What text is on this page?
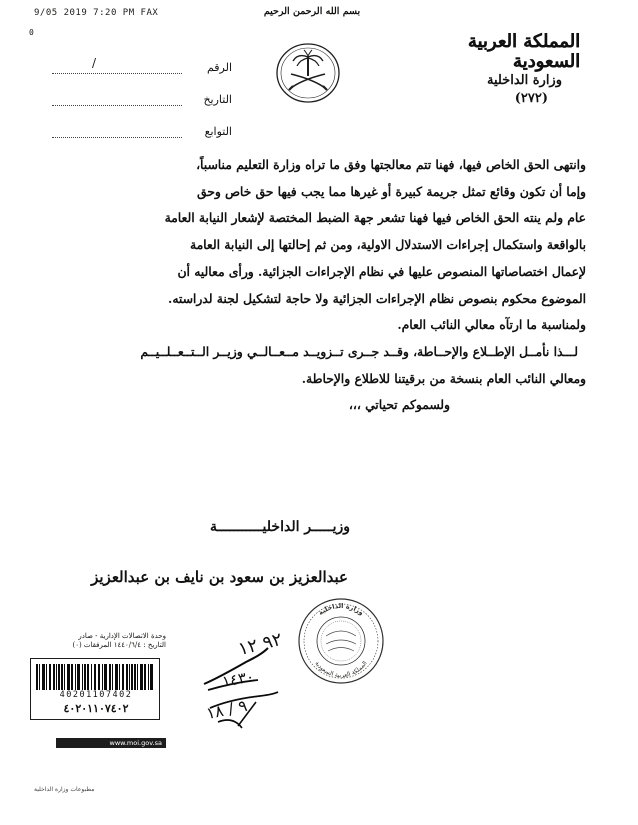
9/05 2019 7:20 PM FAX
0
بسم الله الرحمن الرحيم
المملكة العربية السعودية
وزارة الداخلية
(٢٧٢)
الرقم
/
التاريخ
التوابع

وانتهى الحق الخاص فيها، فهنا تتم معالجتها وفق ما تراه وزارة التعليم مناسباً،

وإما أن تكون وقائع تمثل جريمة كبيرة أو غيرها مما يجب فيها حق خاص وحق

عام ولم ينته الحق الخاص فيها فهنا تشعر جهة الضبط المختصة لإشعار النيابة العامة

بالواقعة واستكمال إجراءات الاستدلال الاولية، ومن ثم إحالتها إلى النيابة العامة

لإعمال اختصاصاتها المنصوص عليها في نظام الإجراءات الجزائية. ورأى معاليه أن

الموضوع محكوم بنصوص نظام الإجراءات الجزائية ولا حاجة لتشكيل لجنة لدراسته.

ولمناسبة ما ارتآه معالي النائب العام.

لـــذا نأمــل الإطــلاع والإحــاطة، وقــد جــرى تــزويــد مــعــالــي وزيــر الــتــعــلــيــم

ومعالي النائب العام بنسخة من برقيتنا للاطلاع والإحاطة.

ولسموكم تحياتي ،،،

وزيـــــر الداخليـــــــــــة
عبدالعزيز بن سعود بن نايف بن عبدالعزيز
وزارة الداخلية
المملكة العربية السعودية
٩٢ ١٢
١٤٣٠
٩ / ١٨
وحدة الاتصالات الإدارية - صادر
التاريخ : ١٤٤٠/٦/٤ المرفقات (٠)
40201107402
٤٠٢٠١١٠٧٤٠٢
www.moi.gov.sa
مطبوعات وزارة الداخلية
